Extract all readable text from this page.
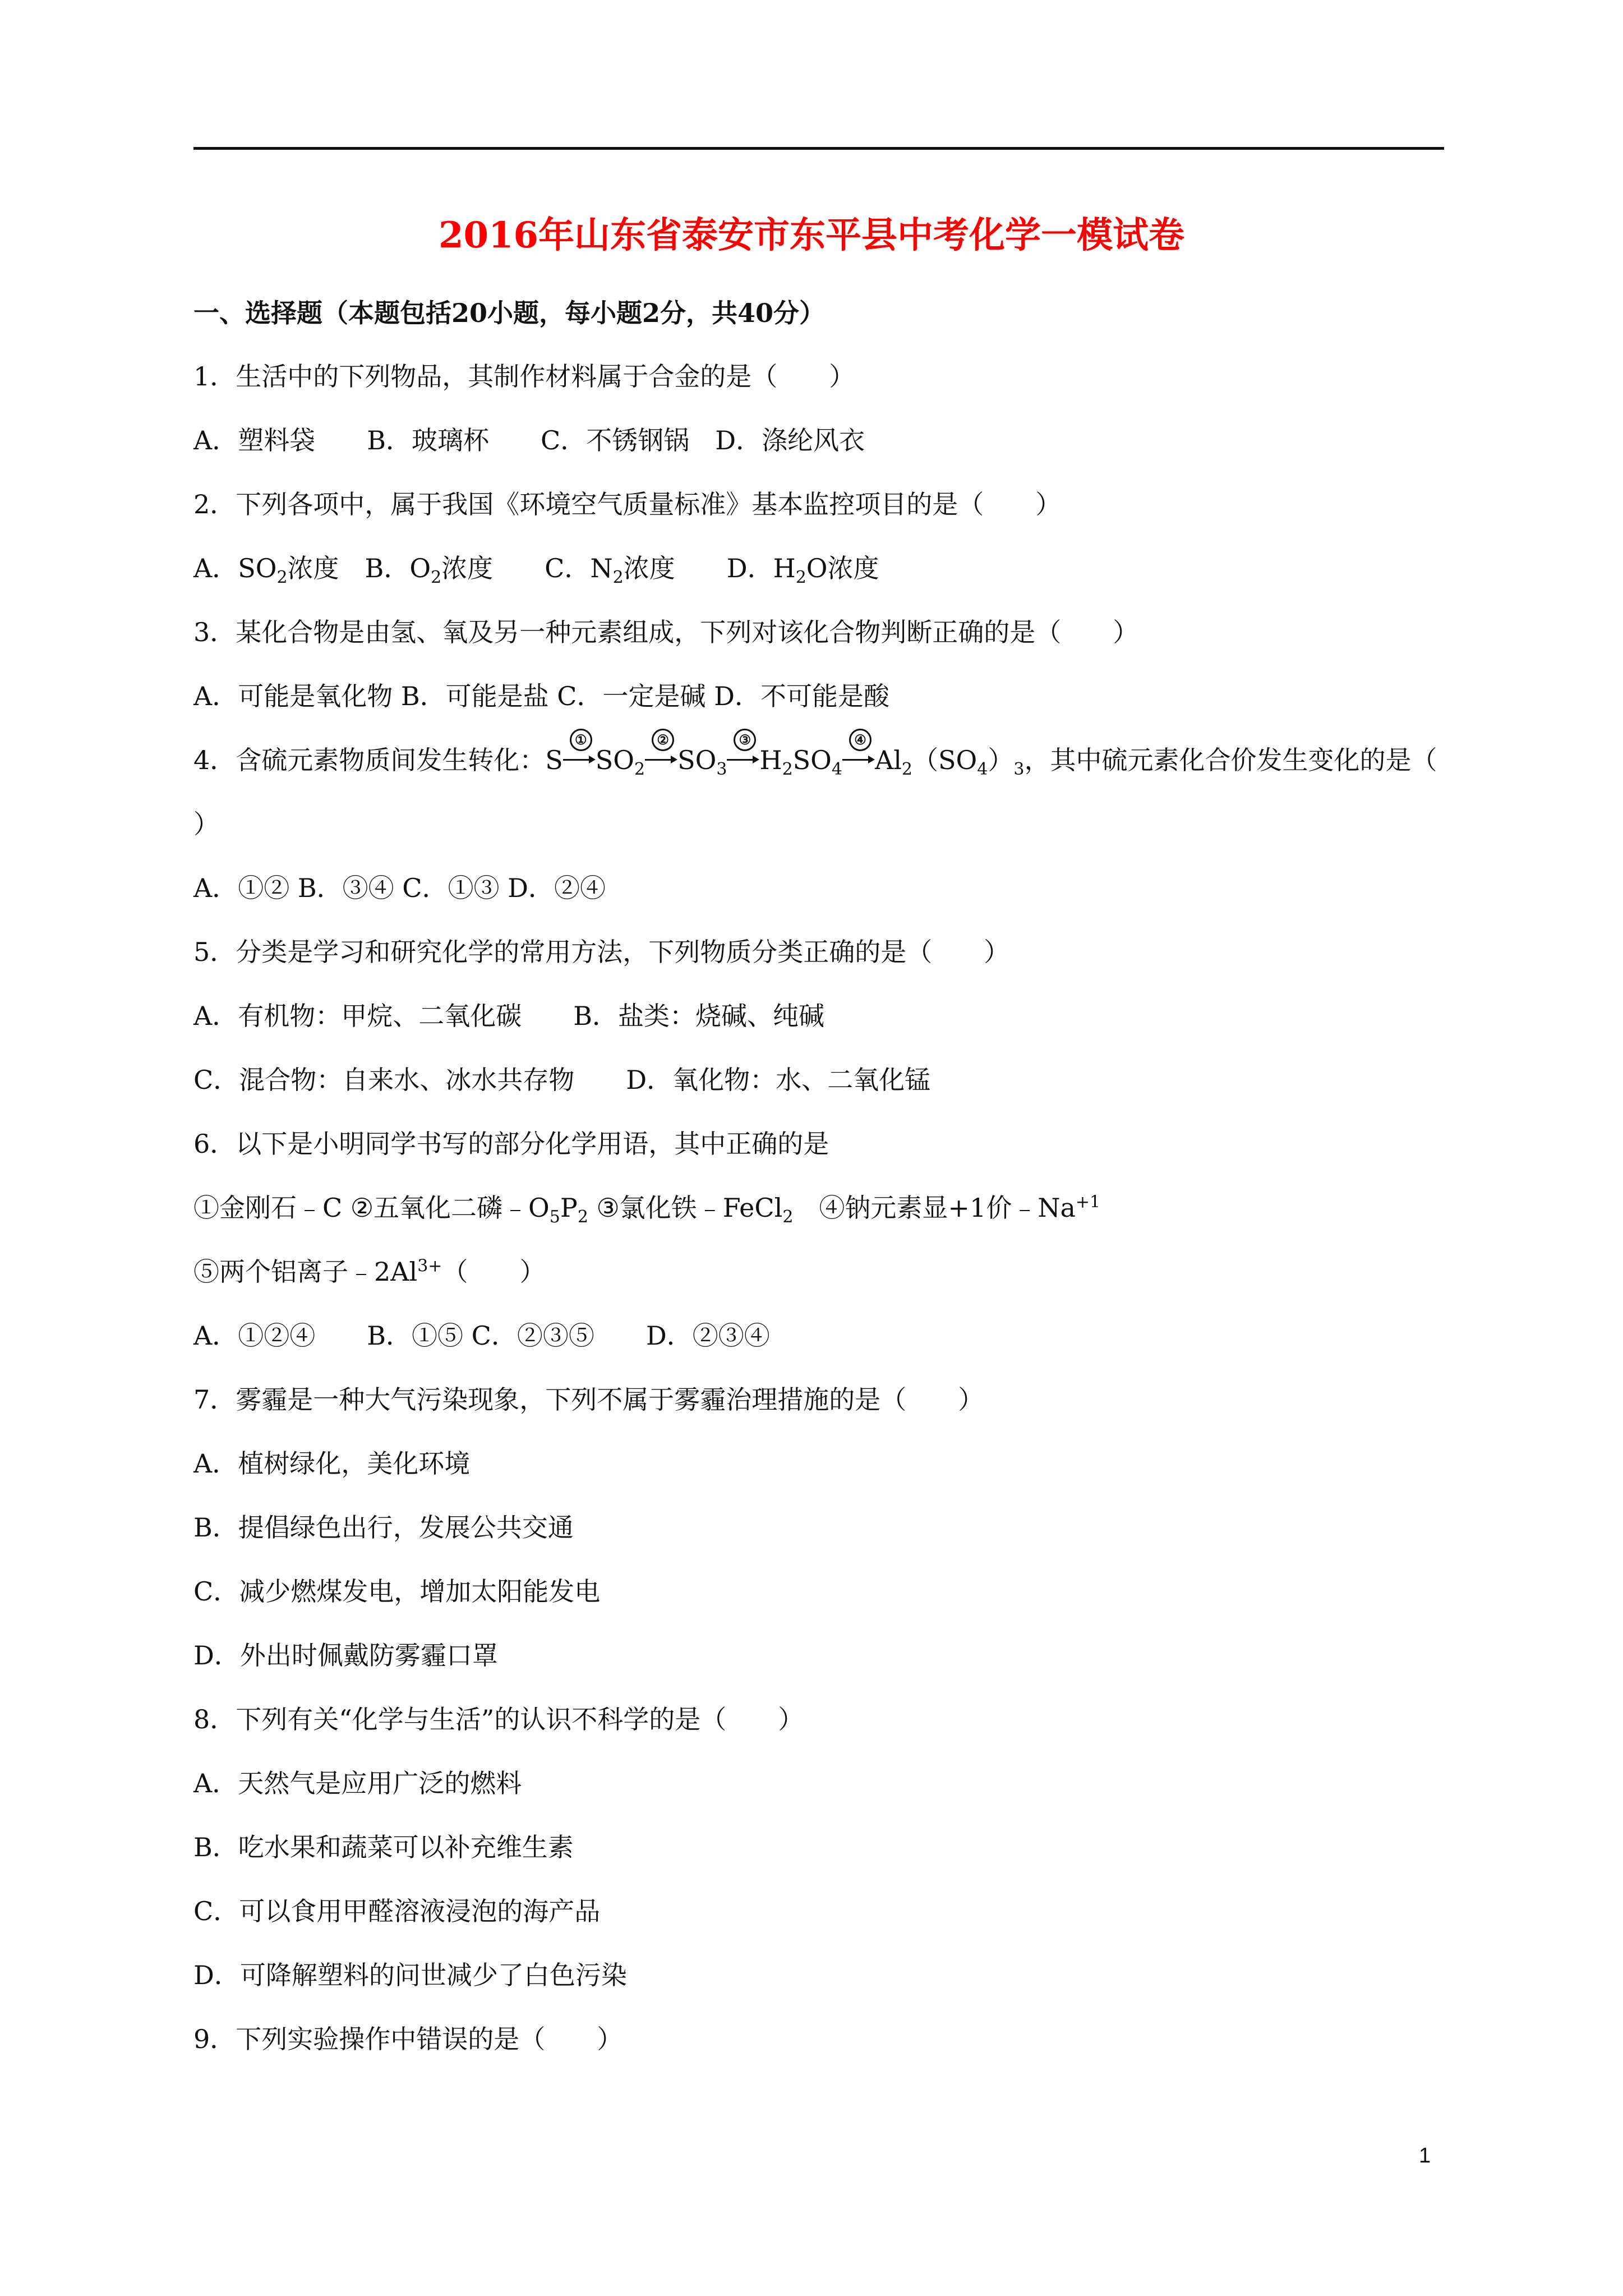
2016年山东省泰安市东平县中考化学一模试卷
一、选择题（本题包括20小题，每小题2分，共40分）
1．生活中的下列物品，其制作材料属于合金的是（　　）
A．塑料袋　　B．玻璃杯　　C．不锈钢锅　D．涤纶风衣
2．下列各项中，属于我国《环境空气质量标准》基本监控项目的是（　　）
A．$SO_2$浓度　B．$O_2$浓度　　C．$N_2$浓度　　D．$H_2O$浓度
3．某化合物是由氢、氧及另一种元素组成，下列对该化合物判断正确的是（　　）
A．可能是氧化物 B．可能是盐 C．一定是碱 D．不可能是酸
4．含硫元素物质间发生转化：S
①
$SO_2$
②
$SO_3$
③
$H_2SO_4$
④
$Al_2(SO_4)_3$，其中硫元素化合价发生变化的是（
）
A．①② B．③④ C．①③ D．②④
5．分类是学习和研究化学的常用方法，下列物质分类正确的是（　　）
A．有机物：甲烷、二氧化碳　　B．盐类：烧碱、纯碱
C．混合物：自来水、冰水共存物　　D．氧化物：水、二氧化锰
6．以下是小明同学书写的部分化学用语，其中正确的是
①金刚石﹣C ②五氧化二磷$﹣O_5P_2$ ③氯化铁﹣FeCl$_2$　④钠元素显+1价$﹣Na^{+1}$
⑤两个铝离子$﹣2Al^{3+}$（　　）
A．①②④　　B．①⑤ C．②③⑤　　D．②③④
7．雾霾是一种大气污染现象，下列不属于雾霾治理措施的是（　　）
A．植树绿化，美化环境
B．提倡绿色出行，发展公共交通
C．减少燃煤发电，增加太阳能发电
D．外出时佩戴防雾霾口罩
8．下列有关“化学与生活”的认识不科学的是（　　）
A．天然气是应用广泛的燃料
B．吃水果和蔬菜可以补充维生素
C．可以食用甲醛溶液浸泡的海产品
D．可降解塑料的问世减少了白色污染
9．下列实验操作中错误的是（　　）
1
